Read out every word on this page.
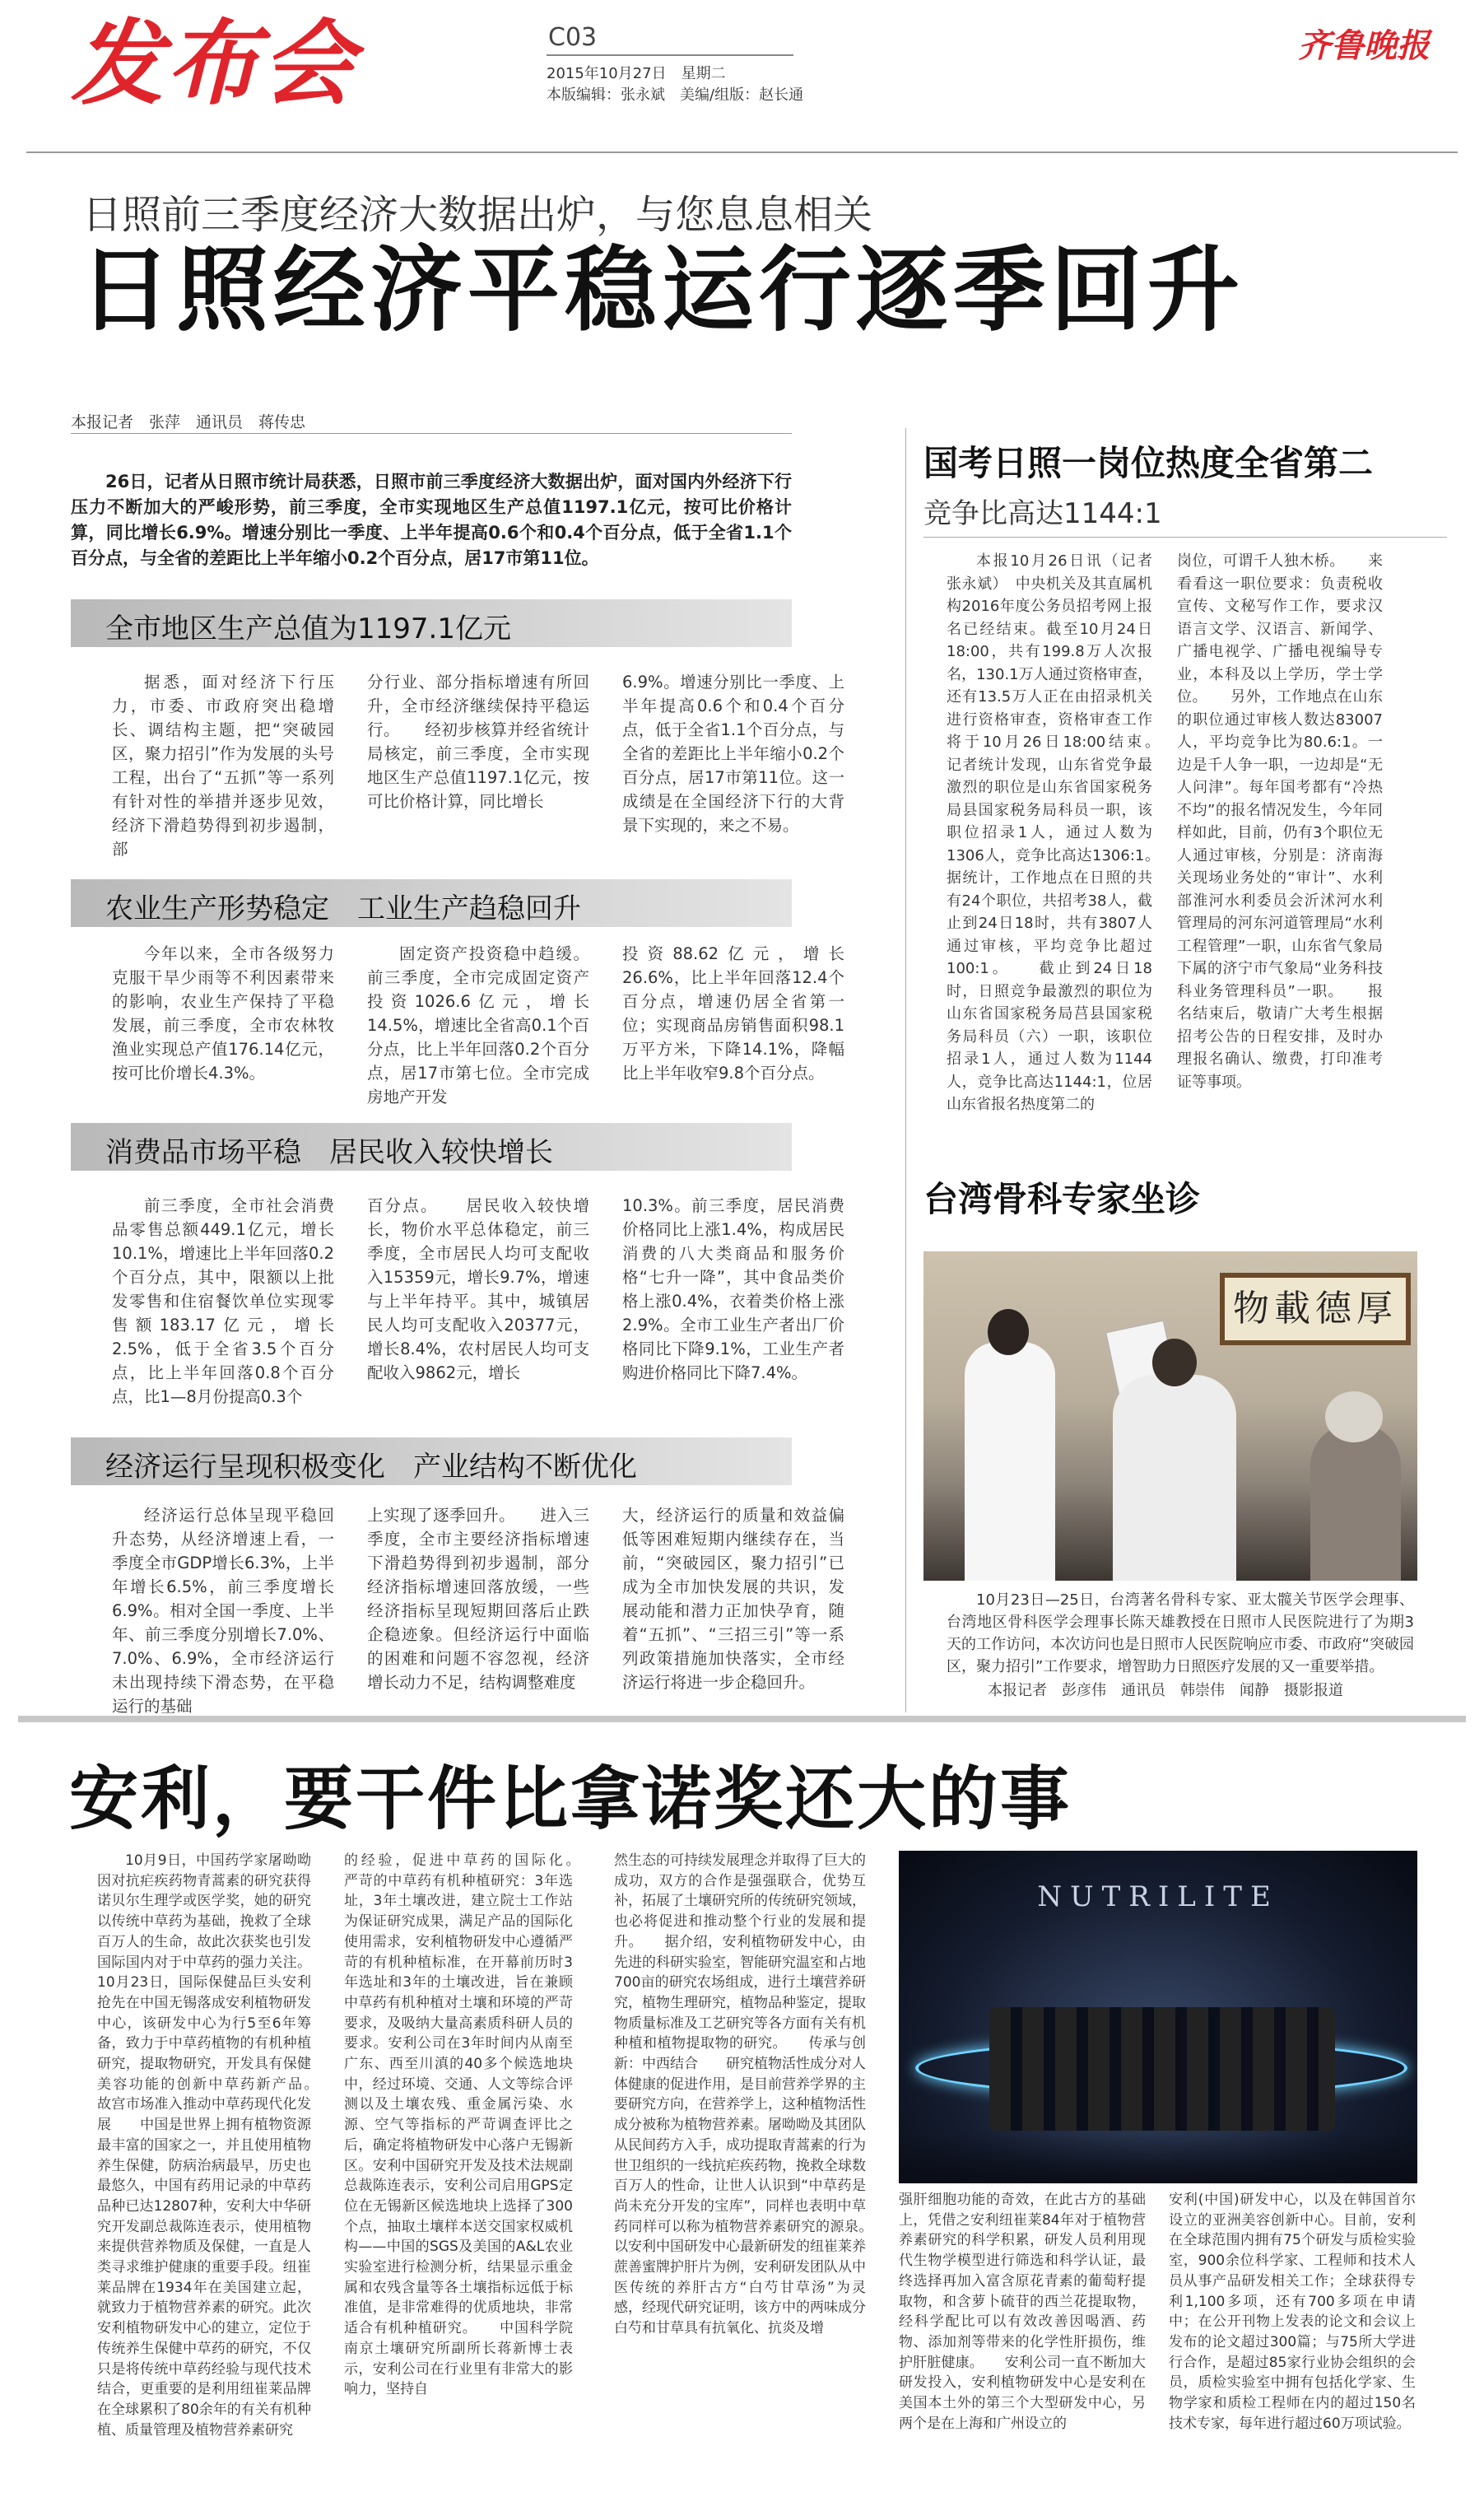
发布会	C03
2015年10月27日　星期二
本版编辑：张永斌　美编/组版：赵长通
齐鲁晚报
日照前三季度经济大数据出炉，与您息息相关
日照经济平稳运行逐季回升
本报记者　张萍　通讯员　蒋传忠
26日，记者从日照市统计局获悉，日照市前三季度经济大数据出炉，面对国内外经济下行压力不断加大的严峻形势，前三季度，全市实现地区生产总值1197.1亿元，按可比价格计算，同比增长6.9%。增速分别比一季度、上半年提高0.6个和0.4个百分点，低于全省1.1个百分点，与全省的差距比上半年缩小0.2个百分点，居17市第11位。
全市地区生产总值为1197.1亿元

据悉，面对经济下行压力，市委、市政府突出稳增长、调结构主题，把“突破园区，聚力招引”作为发展的头号工程，出台了“五抓”等一系列有针对性的举措并逐步见效，经济下滑趋势得到初步遏制，部

分行业、部分指标增速有所回升，全市经济继续保持平稳运行。　　经初步核算并经省统计局核定，前三季度，全市实现地区生产总值1197.1亿元，按可比价格计算，同比增长

6.9%。增速分别比一季度、上半年提高0.6个和0.4个百分点，低于全省1.1个百分点，与全省的差距比上半年缩小0.2个百分点，居17市第11位。这一成绩是在全国经济下行的大背景下实现的，来之不易。

农业生产形势稳定　工业生产趋稳回升

今年以来，全市各级努力克服干旱少雨等不利因素带来的影响，农业生产保持了平稳发展，前三季度，全市农林牧渔业实现总产值176.14亿元，按可比价增长4.3%。

固定资产投资稳中趋缓。前三季度，全市完成固定资产投资1026.6亿元，增长14.5%，增速比全省高0.1个百分点，比上半年回落0.2个百分点，居17市第七位。全市完成房地产开发

投资88.62亿元，增长26.6%，比上半年回落12.4个百分点，增速仍居全省第一位；实现商品房销售面积98.1万平方米，下降14.1%，降幅比上半年收窄9.8个百分点。

消费品市场平稳　居民收入较快增长

前三季度，全市社会消费品零售总额449.1亿元，增长10.1%，增速比上半年回落0.2个百分点，其中，限额以上批发零售和住宿餐饮单位实现零售额183.17亿元，增长2.5%，低于全省3.5个百分点，比上半年回落0.8个百分点，比1—8月份提高0.3个

百分点。　　居民收入较快增长，物价水平总体稳定，前三季度，全市居民人均可支配收入15359元，增长9.7%，增速与上半年持平。其中，城镇居民人均可支配收入20377元，增长8.4%，农村居民人均可支配收入9862元，增长

10.3%。前三季度，居民消费价格同比上涨1.4%，构成居民消费的八大类商品和服务价格“七升一降”，其中食品类价格上涨0.4%，衣着类价格上涨2.9%。全市工业生产者出厂价格同比下降9.1%，工业生产者购进价格同比下降7.4%。

经济运行呈现积极变化　产业结构不断优化

经济运行总体呈现平稳回升态势，从经济增速上看，一季度全市GDP增长6.3%，上半年增长6.5%，前三季度增长6.9%。相对全国一季度、上半年、前三季度分别增长7.0%、7.0%、6.9%，全市经济运行未出现持续下滑态势，在平稳运行的基础

上实现了逐季回升。　　进入三季度，全市主要经济指标增速下滑趋势得到初步遏制，部分经济指标增速回落放缓，一些经济指标呈现短期回落后止跌企稳迹象。但经济运行中面临的困难和问题不容忽视，经济增长动力不足，结构调整难度

大，经济运行的质量和效益偏低等困难短期内继续存在，当前，“突破园区，聚力招引”已成为全市加快发展的共识，发展动能和潜力正加快孕育，随着“五抓”、“三招三引”等一系列政策措施加快落实，全市经济运行将进一步企稳回升。

国考日照一岗位热度全省第二
竞争比高达1144:1

本报10月26日讯（记者　张永斌）　中央机关及其直属机构2016年度公务员招考网上报名已经结束。截至10月24日18:00，共有199.8万人次报名，130.1万人通过资格审查，还有13.5万人正在由招录机关进行资格审查，资格审查工作将于10月26日18:00结束。　　记者统计发现，山东省党争最激烈的职位是山东省国家税务局县国家税务局科员一职，该职位招录1人，通过人数为1306人，竞争比高达1306:1。　　据统计，工作地点在日照的共有24个职位，共招考38人，截止到24日18时，共有3807人通过审核，平均竞争比超过100:1。　　截止到24日18时，日照竞争最激烈的职位为山东省国家税务局莒县国家税务局科员（六）一职，该职位招录1人，通过人数为1144人，竞争比高达1144:1，位居山东省报名热度第二的

岗位，可谓千人独木桥。　　来看看这一职位要求：负责税收宣传、文秘写作工作，要求汉语言文学、汉语言、新闻学、广播电视学、广播电视编导专业，本科及以上学历，学士学位。　　另外，工作地点在山东的职位通过审核人数达83007人，平均竞争比为80.6:1。一边是千人争一职，一边却是“无人问津”。每年国考都有“冷热不均”的报名情况发生，今年同样如此，目前，仍有3个职位无人通过审核，分别是：济南海关现场业务处的“审计”、水利部淮河水利委员会沂沭河水利管理局的河东河道管理局“水利工程管理”一职，山东省气象局下属的济宁市气象局“业务科技科业务管理科员”一职。　　报名结束后，敬请广大考生根据招考公告的日程安排，及时办理报名确认、缴费，打印准考证等事项。

台湾骨科专家坐诊
物載德厚
10月23日—25日，台湾著名骨科专家、亚太髋关节医学会理事、台湾地区骨科医学会理事长陈天雄教授在日照市人民医院进行了为期3天的工作访问，本次访问也是日照市人民医院响应市委、市政府“突破园区，聚力招引”工作要求，增智助力日照医疗发展的又一重要举措。
本报记者　彭彦伟　通讯员　韩崇伟　闻静　摄影报道
安利，要干件比拿诺奖还大的事

10月9日，中国药学家屠呦呦因对抗疟疾药物青蒿素的研究获得诺贝尔生理学或医学奖，她的研究以传统中草药为基础，挽救了全球百万人的生命，故此次获奖也引发国际国内对于中草药的强力关注。10月23日，国际保健品巨头安利抢先在中国无锡落成安利植物研发中心，该研发中心为行5至6年筹备，致力于中草药植物的有机种植研究，提取物研究，开发具有保健美容功能的创新中草药新产品。　　故宫市场准入推动中草药现代化发展　　中国是世界上拥有植物资源最丰富的国家之一，并且使用植物养生保健，防病治病最早，历史也最悠久，中国有药用记录的中草药品种已达12807种，安利大中华研究开发副总裁陈连表示，使用植物来提供营养物质及保健，一直是人类寻求维护健康的重要手段。纽崔莱品牌在1934年在美国建立起，就致力于植物营养素的研究。此次安利植物研发中心的建立，定位于传统养生保健中草药的研究，不仅只是将传统中草药经验与现代技术结合，更重要的是利用纽崔莱品牌在全球累积了80余年的有关有机种植、质量管理及植物营养素研究

的经验，促进中草药的国际化。　　严苛的中草药有机种植研究：3年选址，3年土壤改进，建立院士工作站　　为保证研究成果，满足产品的国际化使用需求，安利植物研发中心遵循严苛的有机种植标准，在开幕前历时3年选址和3年的土壤改进，旨在兼顾中草药有机种植对土壤和环境的严苛要求，及吸纳大量高素质科研人员的要求。安利公司在3年时间内从南至广东、西至川滇的40多个候选地块中，经过环境、交通、人文等综合评测以及土壤农残、重金属污染、水源、空气等指标的严苛调查评比之后，确定将植物研发中心落户无锡新区。安利中国研究开发及技术法规副总裁陈连表示，安利公司启用GPS定位在无锡新区候选地块上选择了300个点，抽取土壤样本送交国家权威机构——中国的SGS及美国的A&L农业实验室进行检测分析，结果显示重金属和农残含量等各土壤指标远低于标准值，是非常难得的优质地块，非常适合有机种植研究。　　中国科学院南京土壤研究所副所长蒋新博士表示，安利公司在行业里有非常大的影响力，坚持自

然生态的可持续发展理念并取得了巨大的成功，双方的合作是强强联合，优势互补，拓展了土壤研究所的传统研究领域，也必将促进和推动整个行业的发展和提升。　　据介绍，安利植物研发中心，由先进的科研实验室，智能研究温室和占地700亩的研究农场组成，进行土壤营养研究，植物生理研究，植物品种鉴定，提取物质量标准及工艺研究等各方面有关有机种植和植物提取物的研究。　　传承与创新：中西结合　　研究植物活性成分对人体健康的促进作用，是目前营养学界的主要研究方向，在营养学上，这种植物活性成分被称为植物营养素。屠呦呦及其团队从民间药方入手，成功提取青蒿素的行为世卫组织的一线抗疟疾药物，挽救全球数百万人的性命，让世人认识到“中草药是尚未充分开发的宝库”，同样也表明中草药同样可以称为植物营养素研究的源泉。　　以安利中国研发中心最新研发的纽崔莱养蔗善蜜牌护肝片为例，安利研发团队从中医传统的养肝古方“白芍甘草汤”为灵感，经现代研究证明，该方中的两味成分白芍和甘草具有抗氧化、抗炎及增

NUTRILITE

强肝细胞功能的奇效，在此古方的基础上，凭借之安利纽崔莱84年对于植物营养素研究的科学积累，研发人员利用现代生物学模型进行筛选和科学认证，最终选择再加入富含原花青素的葡萄籽提取物，和含萝卜硫苷的西兰花提取物，经科学配比可以有效改善因喝酒、药物、添加剂等带来的化学性肝损伤，维护肝脏健康。　　安利公司一直不断加大研发投入，安利植物研发中心是安利在美国本土外的第三个大型研发中心，另两个是在上海和广州设立的

安利(中国)研发中心，以及在韩国首尔设立的亚洲美容创新中心。目前，安利在全球范围内拥有75个研发与质检实验室，900余位科学家、工程师和技术人员从事产品研发相关工作；全球获得专利1,100多项，还有700多项在申请中；在公开刊物上发表的论文和会议上发布的论文超过300篇；与75所大学进行合作，是超过85家行业协会组织的会员，质检实验室中拥有包括化学家、生物学家和质检工程师在内的超过150名技术专家，每年进行超过60万项试验。
